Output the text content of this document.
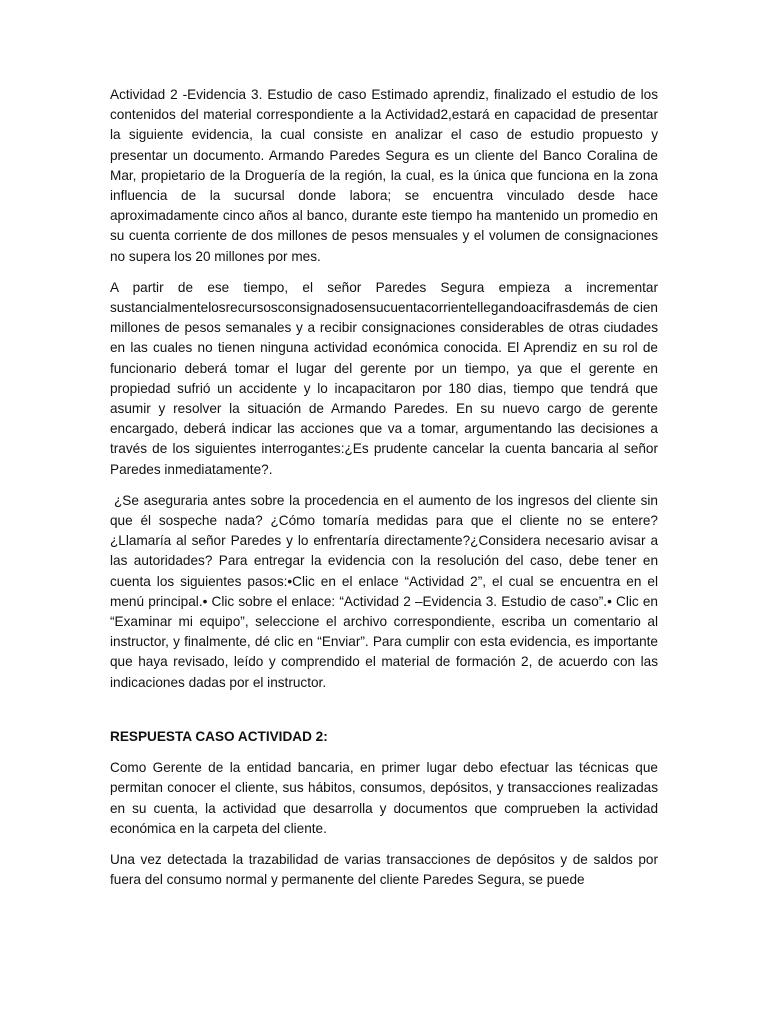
Actividad 2 -Evidencia 3. Estudio de caso Estimado aprendiz, finalizado el estudio de los contenidos del material correspondiente a la Actividad2,estará en capacidad de presentar la siguiente evidencia, la cual consiste en analizar el caso de estudio propuesto y presentar un documento. Armando Paredes Segura es un cliente del Banco Coralina de Mar, propietario de la Droguería de la región, la cual, es la única que funciona en la zona influencia de la sucursal donde labora; se encuentra vinculado desde hace aproximadamente cinco años al banco, durante este tiempo ha mantenido un promedio en su cuenta corriente de dos millones de pesos mensuales y el volumen de consignaciones no supera los 20 millones por mes.

A partir de ese tiempo, el señor Paredes Segura empieza a incrementar sustancialmentelosrecursosconsignadosensucuentacorrientellegandoacifrasdemás de cien millones de pesos semanales y a recibir consignaciones considerables de otras ciudades en las cuales no tienen ninguna actividad económica conocida. El Aprendiz en su rol de funcionario deberá tomar el lugar del gerente por un tiempo, ya que el gerente en propiedad sufrió un accidente y lo incapacitaron por 180 dias, tiempo que tendrá que asumir y resolver la situación de Armando Paredes. En su nuevo cargo de gerente encargado, deberá indicar las acciones que va a tomar, argumentando las decisiones a través de los siguientes interrogantes:¿Es prudente cancelar la cuenta bancaria al señor Paredes inmediatamente?.

¿Se aseguraria antes sobre la procedencia en el aumento de los ingresos del cliente sin que él sospeche nada? ¿Cómo tomaría medidas para que el cliente no se entere? ¿Llamaría al señor Paredes y lo enfrentaría directamente?¿Considera necesario avisar a las autoridades? Para entregar la evidencia con la resolución del caso, debe tener en cuenta los siguientes pasos:•Clic en el enlace “Actividad 2”, el cual se encuentra en el menú principal.• Clic sobre el enlace: “Actividad 2 –Evidencia 3. Estudio de caso”.• Clic en “Examinar mi equipo”, seleccione el archivo correspondiente, escriba un comentario al instructor, y finalmente, dé clic en “Enviar”. Para cumplir con esta evidencia, es importante que haya revisado, leído y comprendido el material de formación 2, de acuerdo con las indicaciones dadas por el instructor.

RESPUESTA CASO ACTIVIDAD 2:

Como Gerente de la entidad bancaria, en primer lugar debo efectuar las técnicas que permitan conocer el cliente, sus hábitos, consumos, depósitos, y transacciones realizadas en su cuenta, la actividad que desarrolla y documentos que comprueben la actividad económica en la carpeta del cliente.

Una vez detectada la trazabilidad de varias transacciones de depósitos y de saldos por fuera del consumo normal y permanente del cliente Paredes Segura, se puede
